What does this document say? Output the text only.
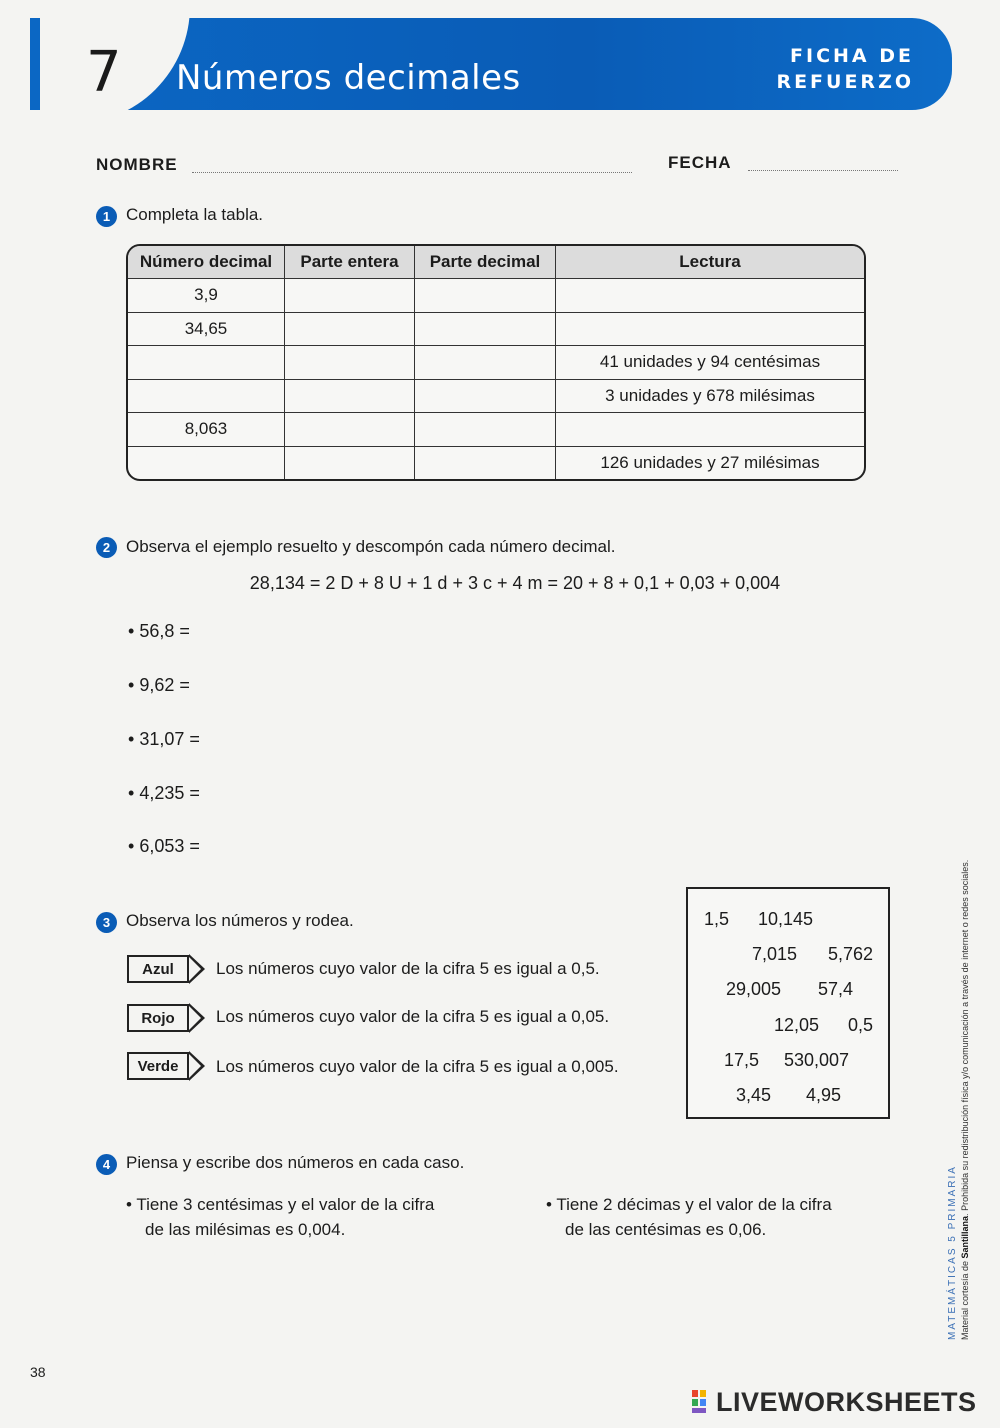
7 Números decimales
FICHA DE
REFUERZO
NOMBRE	FECHA
1 Completa la tabla.
Número decimal	Parte entera	Parte decimal	Lectura
3,9			
34,65			
			41 unidades y 94 centésimas
			3 unidades y 678 milésimas
8,063			
			126 unidades y 27 milésimas
2 Observa el ejemplo resuelto y descompón cada número decimal.
28,134 = 2 D + 8 U + 1 d + 3 c + 4 m = 20 + 8 + 0,1 + 0,03 + 0,004
• 56,8 =
• 9,62 =
• 31,07 =
• 4,235 =
• 6,053 =
3 Observa los números y rodea.
Azul	Los números cuyo valor de la cifra 5 es igual a 0,5.
Rojo	Los números cuyo valor de la cifra 5 es igual a 0,05.
Verde	Los números cuyo valor de la cifra 5 es igual a 0,005.
1,5 10,145
7,015 5,762
29,005 57,4
12,05 0,5
17,5 530,007
3,45 4,95
4 Piensa y escribe dos números en cada caso.
• Tiene 3 centésimas y el valor de la cifra
de las milésimas es 0,004.
• Tiene 2 décimas y el valor de la cifra
de las centésimas es 0,06.
Material cortesía de Santillana. Prohibida su redistribución física y/o comunicación a través de internet o redes sociales.
MATEMÁTICAS 5 PRIMARIA
38
LIVEWORKSHEETS
